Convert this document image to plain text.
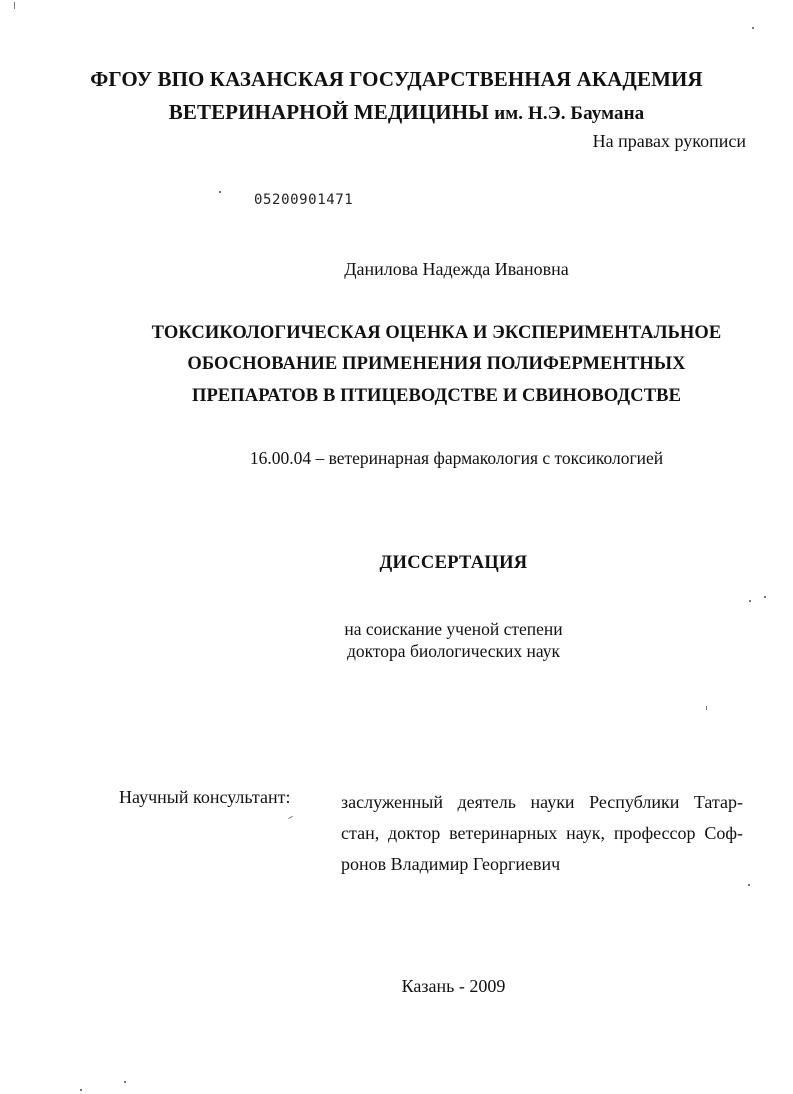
ФГОУ ВПО КАЗАНСКАЯ ГОСУДАРСТВЕННАЯ АКАДЕМИЯ
ВЕТЕРИНАРНОЙ МЕДИЦИНЫ им. Н.Э. Баумана
На правах рукописи
05200901471
Данилова Надежда Ивановна
ТОКСИКОЛОГИЧЕСКАЯ ОЦЕНКА И ЭКСПЕРИМЕНТАЛЬНОЕ
ОБОСНОВАНИЕ ПРИМЕНЕНИЯ ПОЛИФЕРМЕНТНЫХ
ПРЕПАРАТОВ В ПТИЦЕВОДСТВЕ И СВИНОВОДСТВЕ
16.00.04 – ветеринарная фармакология с токсикологией
ДИССЕРТАЦИЯ
на соискание ученой степени
доктора биологических наук
Научный консультант:	заслуженный деятель науки Республики Татар-
стан, доктор ветеринарных наук, профессор Соф-
ронов Владимир Георгиевич
Казань - 2009
